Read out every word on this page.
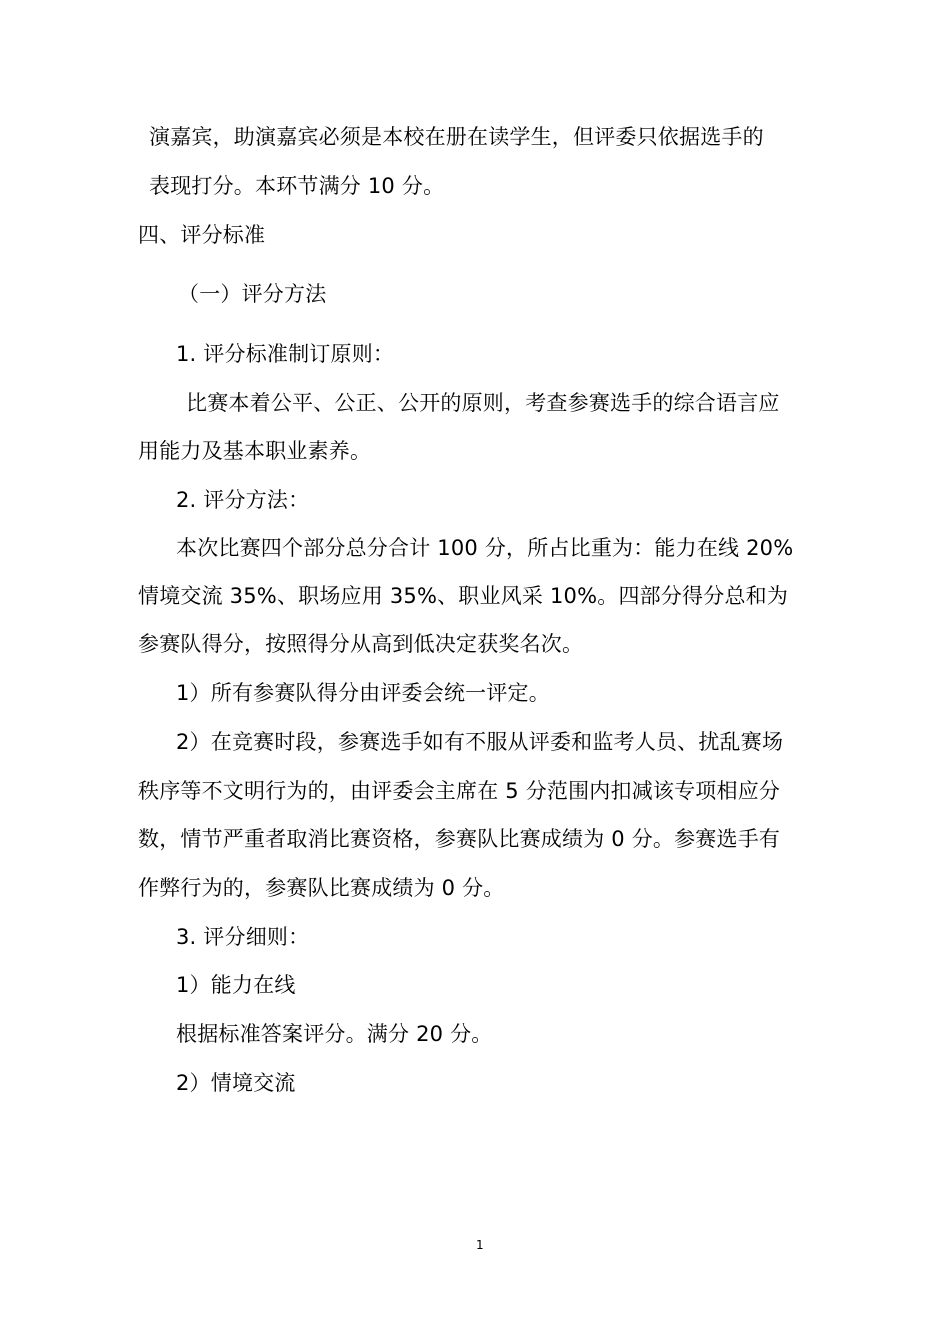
演嘉宾，助演嘉宾必须是本校在册在读学生，但评委只依据选手的
表现打分。本环节满分 10 分。
四、评分标准
（一）评分方法
1. 评分标准制订原则：
比赛本着公平、公正、公开的原则，考查参赛选手的综合语言应
用能力及基本职业素养。
2. 评分方法：
本次比赛四个部分总分合计 100 分，所占比重为：能力在线 20%
情境交流 35%、职场应用 35%、职业风采 10%。四部分得分总和为
参赛队得分，按照得分从高到低决定获奖名次。
1）所有参赛队得分由评委会统一评定。
2）在竞赛时段，参赛选手如有不服从评委和监考人员、扰乱赛场
秩序等不文明行为的，由评委会主席在 5 分范围内扣减该专项相应分
数，情节严重者取消比赛资格，参赛队比赛成绩为 0 分。参赛选手有
作弊行为的，参赛队比赛成绩为 0 分。
3. 评分细则：
1）能力在线
根据标准答案评分。满分 20 分。
2）情境交流
1
